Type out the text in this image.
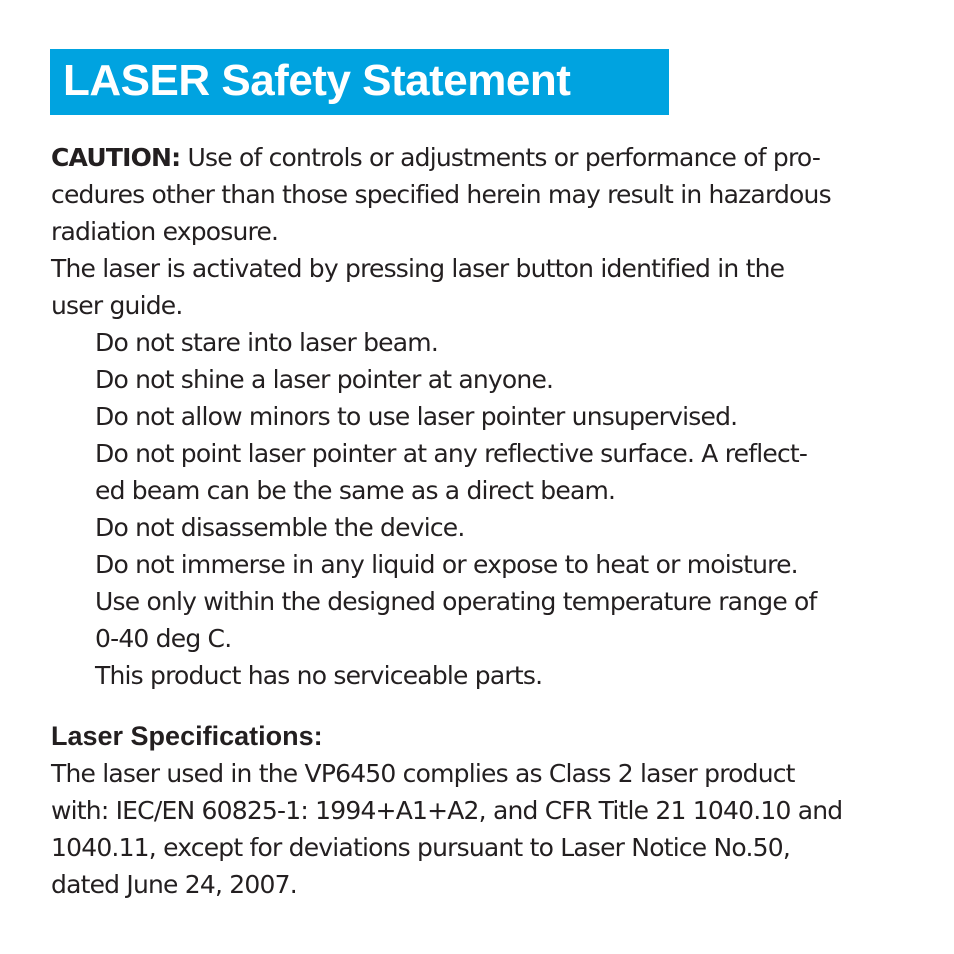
LASER Safety Statement
CAUTION: Use of controls or adjustments or performance of pro-
cedures other than those specified herein may result in hazardous
radiation exposure.
The laser is activated by pressing laser button identified in the
user guide.
Do not stare into laser beam.
Do not shine a laser pointer at anyone.
Do not allow minors to use laser pointer unsupervised.
Do not point laser pointer at any reflective surface. A reflect-
ed beam can be the same as a direct beam.
Do not disassemble the device.
Do not immerse in any liquid or expose to heat or moisture.
Use only within the designed operating temperature range of
0-40 deg C.
This product has no serviceable parts.
Laser Specifications:
The laser used in the VP6450 complies as Class 2 laser product
with: IEC/EN 60825-1: 1994+A1+A2, and CFR Title 21 1040.10 and
1040.11, except for deviations pursuant to Laser Notice No.50,
dated June 24, 2007.
